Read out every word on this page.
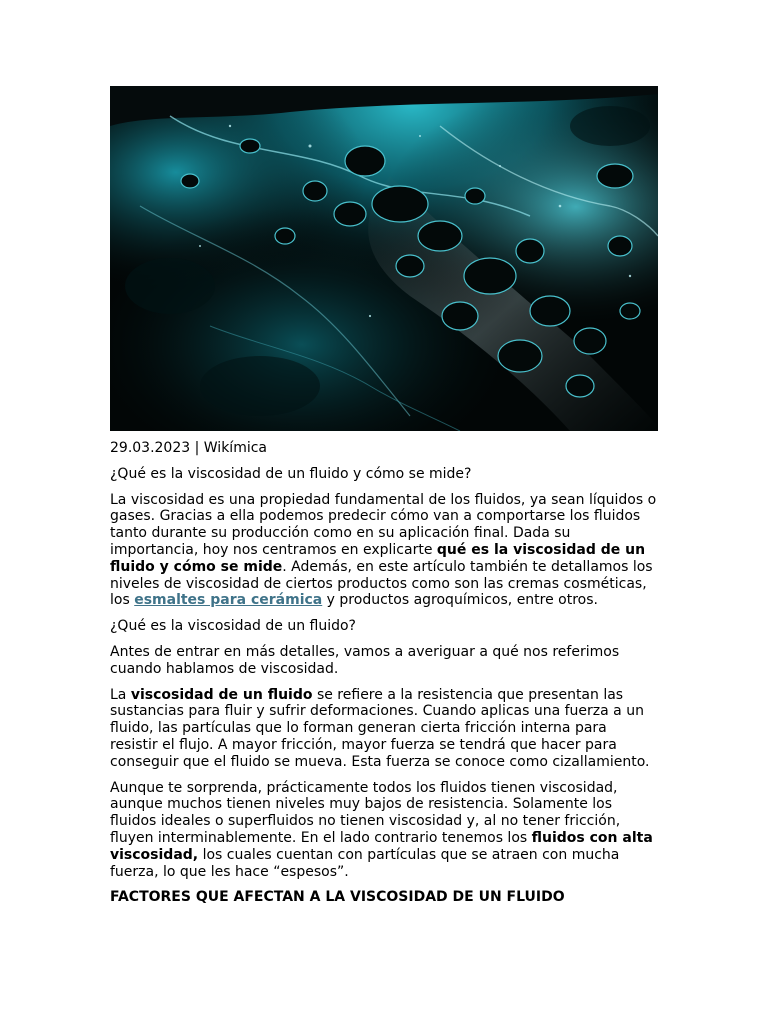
29.03.2023 | Wikímica

¿Qué es la viscosidad de un fluido y cómo se mide?

La viscosidad es una propiedad fundamental de los fluidos, ya sean líquidos o gases. Gracias a ella podemos predecir cómo van a comportarse los fluidos tanto durante su producción como en su aplicación final. Dada su importancia, hoy nos centramos en explicarte qué es la viscosidad de un fluido y cómo se mide. Además, en este artículo también te detallamos los niveles de viscosidad de ciertos productos como son las cremas cosméticas, los esmaltes para cerámica y productos agroquímicos, entre otros.

¿Qué es la viscosidad de un fluido?

Antes de entrar en más detalles, vamos a averiguar a qué nos referimos cuando hablamos de viscosidad.

La viscosidad de un fluido se refiere a la resistencia que presentan las sustancias para fluir y sufrir deformaciones. Cuando aplicas una fuerza a un fluido, las partículas que lo forman generan cierta fricción interna para resistir el flujo. A mayor fricción, mayor fuerza se tendrá que hacer para conseguir que el fluido se mueva. Esta fuerza se conoce como cizallamiento.

Aunque te sorprenda, prácticamente todos los fluidos tienen viscosidad, aunque muchos tienen niveles muy bajos de resistencia. Solamente los fluidos ideales o superfluidos no tienen viscosidad y, al no tener fricción, fluyen interminablemente. En el lado contrario tenemos los fluidos con alta viscosidad, los cuales cuentan con partículas que se atraen con mucha fuerza, lo que les hace “espesos”.

FACTORES QUE AFECTAN A LA VISCOSIDAD DE UN FLUIDO
